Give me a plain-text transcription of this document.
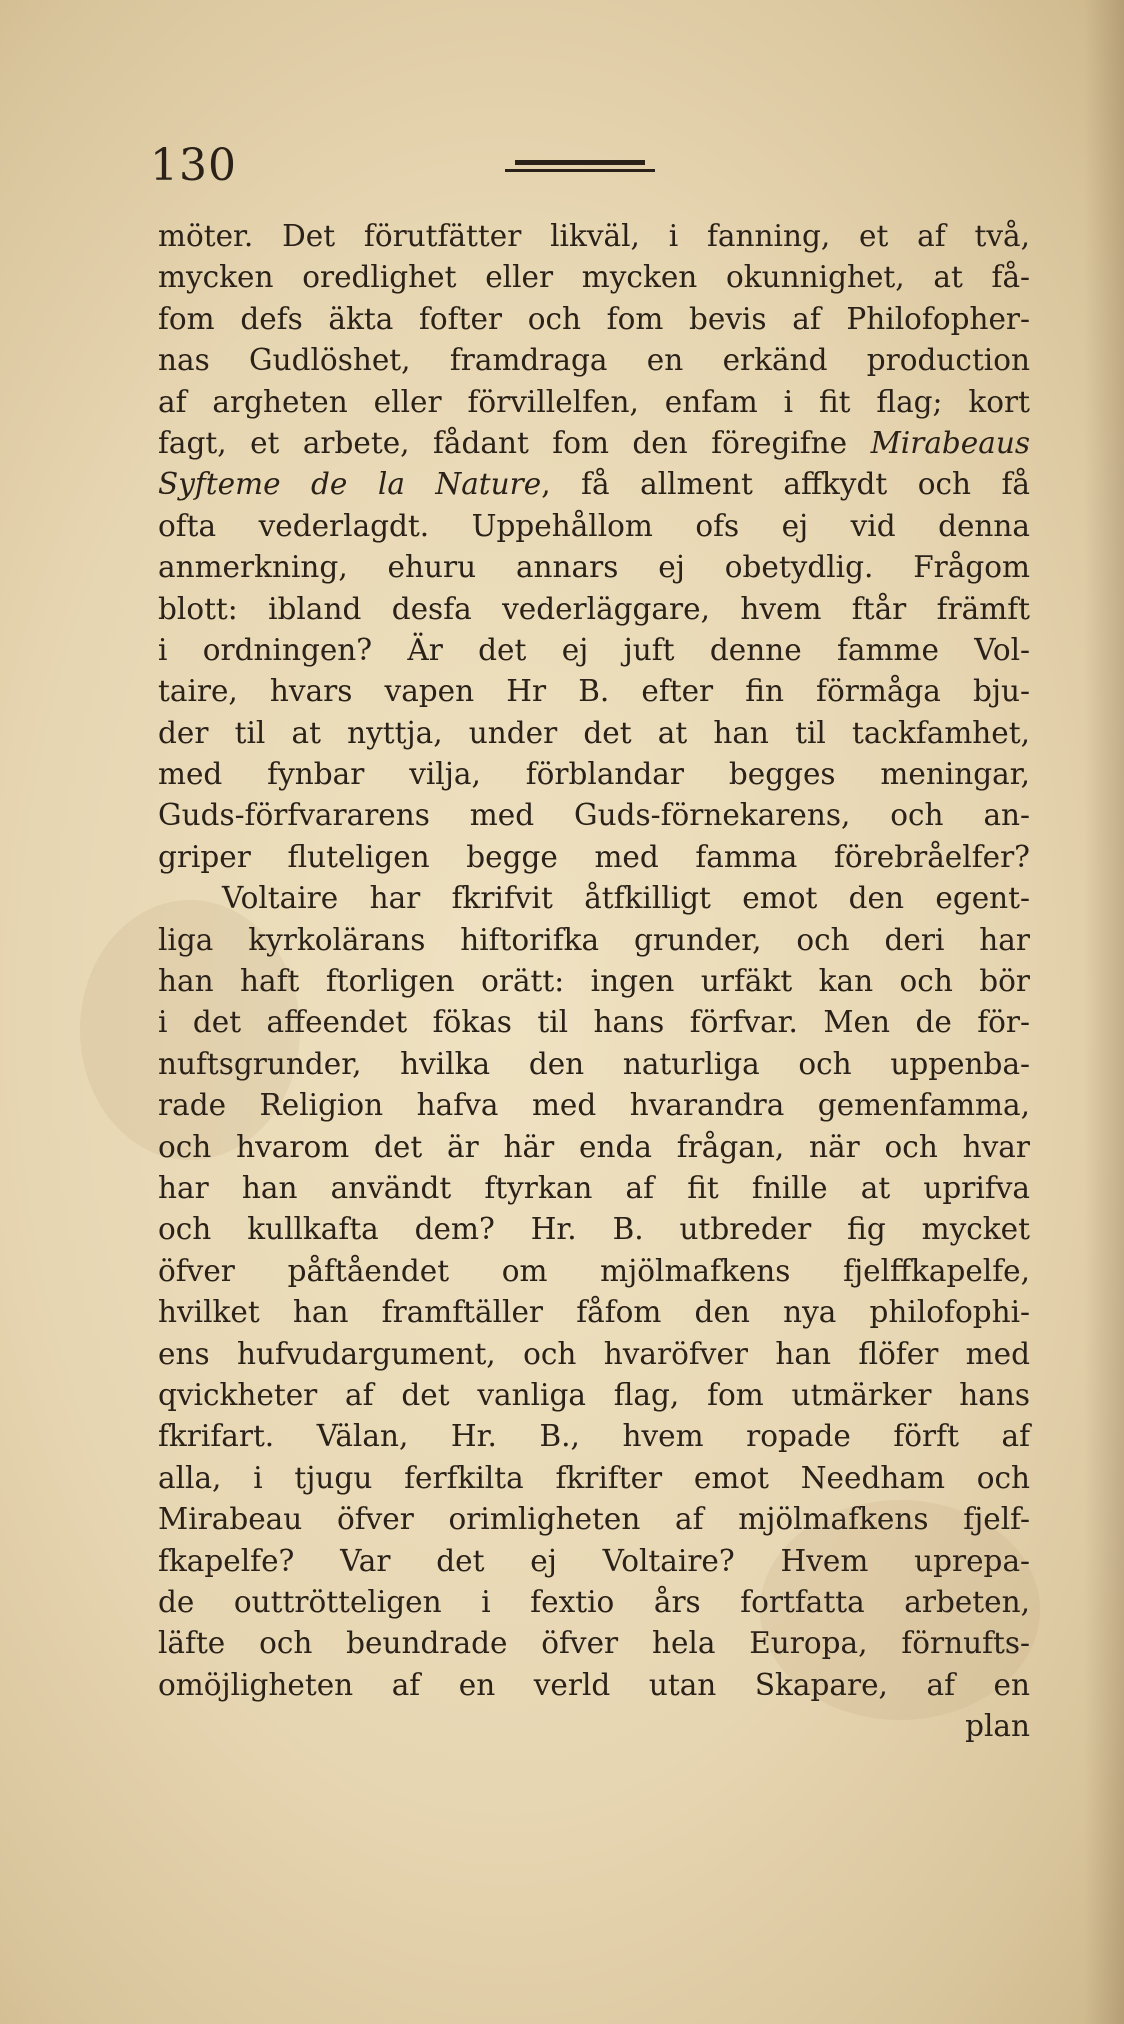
130
möter. Det förutfätter likväl, i fanning, et af två,
mycken oredlighet eller mycken okunnighet, at få-
fom defs äkta fofter och fom bevis af Philofopher-
nas Gudlöshet, framdraga en erkänd production
af argheten eller förvillelfen, enfam i fit flag; kort
fagt, et arbete, fådant fom den föregifne Mirabeaus
Syfteme de la Nature, få allment affkydt och få
ofta vederlagdt. Uppehållom ofs ej vid denna
anmerkning, ehuru annars ej obetydlig. Frågom
blott: ibland desfa vederläggare, hvem ftår främft
i ordningen? Är det ej juft denne famme Vol-
taire, hvars vapen Hr B. efter fin förmåga bju-
der til at nyttja, under det at han til tackfamhet,
med fynbar vilja, förblandar begges meningar,
Guds-förfvararens med Guds-förnekarens, och an-
griper fluteligen begge med famma förebråelfer?
Voltaire har fkrifvit åtfkilligt emot den egent-
liga kyrkolärans hiftorifka grunder, och deri har
han haft ftorligen orätt: ingen urfäkt kan och bör
i det affeendet fökas til hans förfvar. Men de för-
nuftsgrunder, hvilka den naturliga och uppenba-
rade Religion hafva med hvarandra gemenfamma,
och hvarom det är här enda frågan, när och hvar
har han användt ftyrkan af fit fnille at uprifva
och kullkafta dem? Hr. B. utbreder fig mycket
öfver påftåendet om mjölmafkens fjelffkapelfe,
hvilket han framftäller fåfom den nya philofophi-
ens hufvudargument, och hvaröfver han flöfer med
qvickheter af det vanliga flag, fom utmärker hans
fkrifart. Välan, Hr. B., hvem ropade förft af
alla, i tjugu ferfkilta fkrifter emot Needham och
Mirabeau öfver orimligheten af mjölmafkens fjelf-
fkapelfe? Var det ej Voltaire? Hvem uprepa-
de outtrötteligen i fextio års fortfatta arbeten,
läfte och beundrade öfver hela Europa, förnufts-
omöjligheten af en verld utan Skapare, af en
plan
